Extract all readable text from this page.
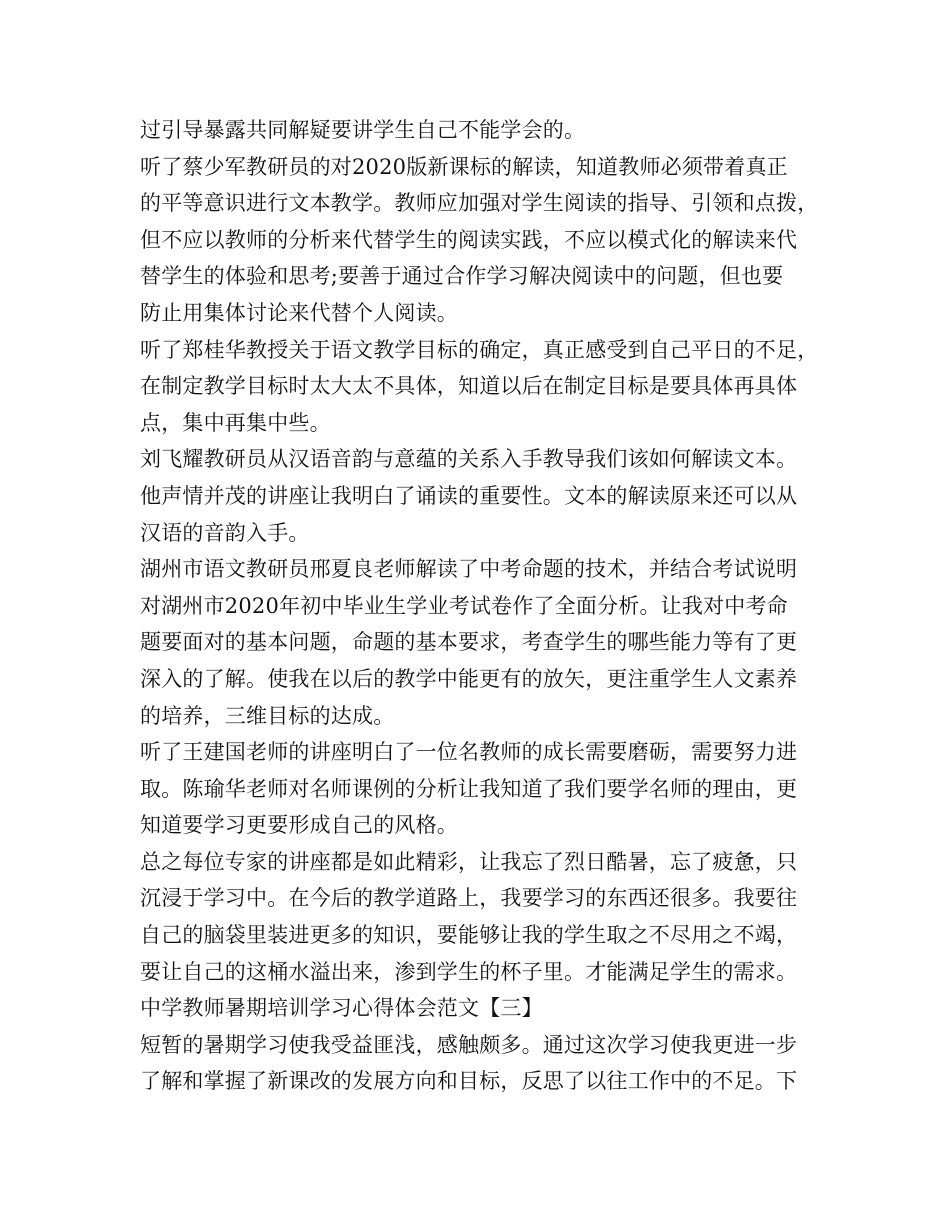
过引导暴露共同解疑要讲学生自己不能学会的。
听了蔡少军教研员的对2020版新课标的解读，知道教师必须带着真正
的平等意识进行文本教学。教师应加强对学生阅读的指导、引领和点拨，
但不应以教师的分析来代替学生的阅读实践，不应以模式化的解读来代
替学生的体验和思考;要善于通过合作学习解决阅读中的问题，但也要
防止用集体讨论来代替个人阅读。
听了郑桂华教授关于语文教学目标的确定，真正感受到自己平日的不足，
在制定教学目标时太大太不具体，知道以后在制定目标是要具体再具体
点，集中再集中些。
刘飞耀教研员从汉语音韵与意蕴的关系入手教导我们该如何解读文本。
他声情并茂的讲座让我明白了诵读的重要性。文本的解读原来还可以从
汉语的音韵入手。
湖州市语文教研员邢夏良老师解读了中考命题的技术，并结合考试说明
对湖州市2020年初中毕业生学业考试卷作了全面分析。让我对中考命
题要面对的基本问题，命题的基本要求，考查学生的哪些能力等有了更
深入的了解。使我在以后的教学中能更有的放矢，更注重学生人文素养
的培养，三维目标的达成。
听了王建国老师的讲座明白了一位名教师的成长需要磨砺，需要努力进
取。陈瑜华老师对名师课例的分析让我知道了我们要学名师的理由，更
知道要学习更要形成自己的风格。
总之每位专家的讲座都是如此精彩，让我忘了烈日酷暑，忘了疲惫，只
沉浸于学习中。在今后的教学道路上，我要学习的东西还很多。我要往
自己的脑袋里装进更多的知识，要能够让我的学生取之不尽用之不竭，
要让自己的这桶水溢出来，渗到学生的杯子里。才能满足学生的需求。
中学教师暑期培训学习心得体会范文【三】
短暂的暑期学习使我受益匪浅，感触颇多。通过这次学习使我更进一步
了解和掌握了新课改的发展方向和目标，反思了以往工作中的不足。下
